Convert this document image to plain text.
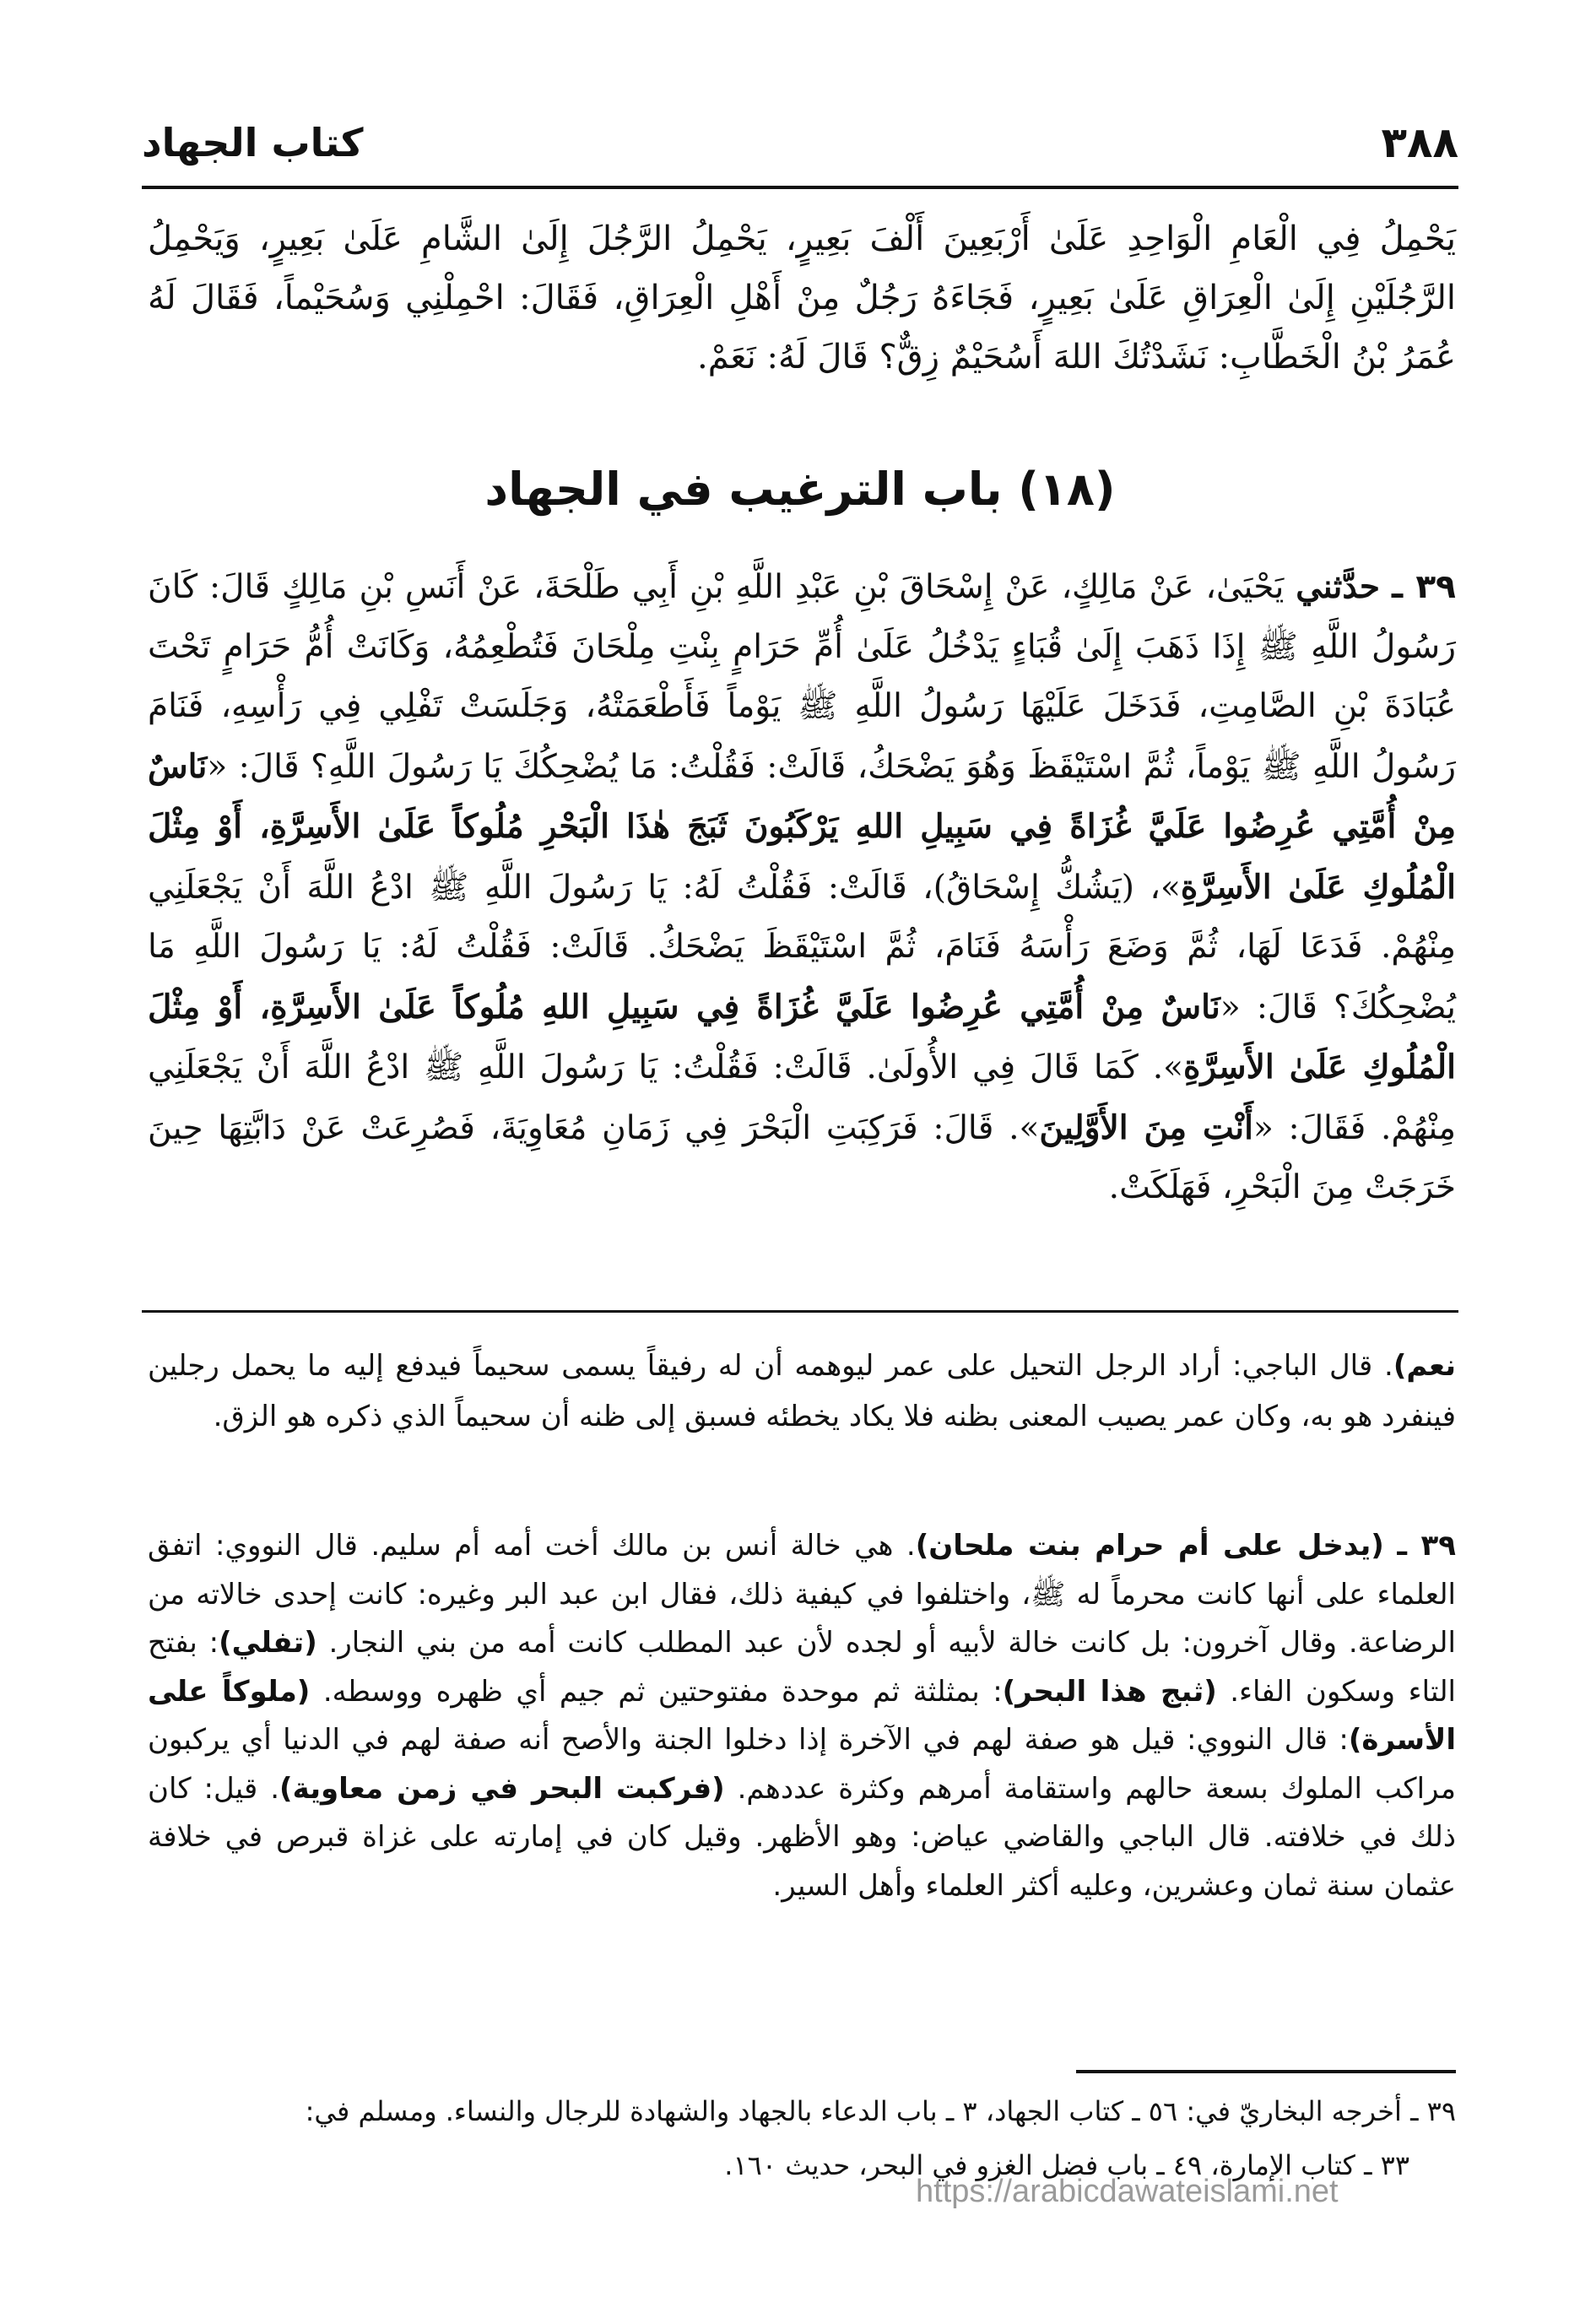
٣٨٨
كتاب الجهاد

يَحْمِلُ فِي الْعَامِ الْوَاحِدِ عَلَىٰ أَرْبَعِينَ أَلْفَ بَعِيرٍ، يَحْمِلُ الرَّجُلَ إِلَىٰ الشَّامِ عَلَىٰ بَعِيرٍ، وَيَحْمِلُ الرَّجُلَيْنِ إِلَىٰ الْعِرَاقِ عَلَىٰ بَعِيرٍ، فَجَاءَهُ رَجُلٌ مِنْ أَهْلِ الْعِرَاقِ، فَقَالَ: احْمِلْنِي وَسُحَيْماً، فَقَالَ لَهُ عُمَرُ بْنُ الْخَطَّابِ: نَشَدْتُكَ اللهَ أَسُحَيْمٌ زِقٌّ؟ قَالَ لَهُ: نَعَمْ.

(١٨) باب الترغيب في الجهاد

٣٩ ـ حدَّثني يَحْيَىٰ، عَنْ مَالِكٍ، عَنْ إِسْحَاقَ بْنِ عَبْدِ اللَّهِ بْنِ أَبِي طَلْحَةَ، عَنْ أَنَسِ بْنِ مَالِكٍ قَالَ: كَانَ رَسُولُ اللَّهِ ﷺ إِذَا ذَهَبَ إِلَىٰ قُبَاءٍ يَدْخُلُ عَلَىٰ أُمِّ حَرَامٍ بِنْتِ مِلْحَانَ فَتُطْعِمُهُ، وَكَانَتْ أُمُّ حَرَامٍ تَحْتَ عُبَادَةَ بْنِ الصَّامِتِ، فَدَخَلَ عَلَيْهَا رَسُولُ اللَّهِ ﷺ يَوْماً فَأَطْعَمَتْهُ، وَجَلَسَتْ تَفْلِي فِي رَأْسِهِ، فَنَامَ رَسُولُ اللَّهِ ﷺ يَوْماً، ثُمَّ اسْتَيْقَظَ وَهُوَ يَضْحَكُ، قَالَتْ: فَقُلْتُ: مَا يُضْحِكُكَ يَا رَسُولَ اللَّهِ؟ قَالَ: «نَاسٌ مِنْ أُمَّتِي عُرِضُوا عَلَيَّ غُزَاةً فِي سَبِيلِ اللهِ يَرْكَبُونَ ثَبَجَ هٰذَا الْبَحْرِ مُلُوكاً عَلَىٰ الأَسِرَّةِ، أَوْ مِثْلَ الْمُلُوكِ عَلَىٰ الأَسِرَّةِ»، (يَشُكُّ إِسْحَاقُ)، قَالَتْ: فَقُلْتُ لَهُ: يَا رَسُولَ اللَّهِ ﷺ ادْعُ اللَّهَ أَنْ يَجْعَلَنِي مِنْهُمْ. فَدَعَا لَهَا، ثُمَّ وَضَعَ رَأْسَهُ فَنَامَ، ثُمَّ اسْتَيْقَظَ يَضْحَكُ. قَالَتْ: فَقُلْتُ لَهُ: يَا رَسُولَ اللَّهِ مَا يُضْحِكُكَ؟ قَالَ: «نَاسٌ مِنْ أُمَّتِي عُرِضُوا عَلَيَّ غُزَاةً فِي سَبِيلِ اللهِ مُلُوكاً عَلَىٰ الأَسِرَّةِ، أَوْ مِثْلَ الْمُلُوكِ عَلَىٰ الأَسِرَّةِ». كَمَا قَالَ فِي الأُولَىٰ. قَالَتْ: فَقُلْتُ: يَا رَسُولَ اللَّهِ ﷺ ادْعُ اللَّهَ أَنْ يَجْعَلَنِي مِنْهُمْ. فَقَالَ: «أَنْتِ مِنَ الأَوَّلِينَ». قَالَ: فَرَكِبَتِ الْبَحْرَ فِي زَمَانِ مُعَاوِيَةَ، فَصُرِعَتْ عَنْ دَابَّتِهَا حِينَ خَرَجَتْ مِنَ الْبَحْرِ، فَهَلَكَتْ.

نعم). قال الباجي: أراد الرجل التحيل على عمر ليوهمه أن له رفيقاً يسمى سحيماً فيدفع إليه ما يحمل رجلين فينفرد هو به، وكان عمر يصيب المعنى بظنه فلا يكاد يخطئه فسبق إلى ظنه أن سحيماً الذي ذكره هو الزق.

٣٩ ـ (يدخل على أم حرام بنت ملحان). هي خالة أنس بن مالك أخت أمه أم سليم. قال النووي: اتفق العلماء على أنها كانت محرماً له ﷺ، واختلفوا في كيفية ذلك، فقال ابن عبد البر وغيره: كانت إحدى خالاته من الرضاعة. وقال آخرون: بل كانت خالة لأبيه أو لجده لأن عبد المطلب كانت أمه من بني النجار. (تفلي): بفتح التاء وسكون الفاء. (ثبج هذا البحر): بمثلثة ثم موحدة مفتوحتين ثم جيم أي ظهره ووسطه. (ملوكاً على الأسرة): قال النووي: قيل هو صفة لهم في الآخرة إذا دخلوا الجنة والأصح أنه صفة لهم في الدنيا أي يركبون مراكب الملوك بسعة حالهم واستقامة أمرهم وكثرة عددهم. (فركبت البحر في زمن معاوية). قيل: كان ذلك في خلافته. قال الباجي والقاضي عياض: وهو الأظهر. وقيل كان في إمارته على غزاة قبرص في خلافة عثمان سنة ثمان وعشرين، وعليه أكثر العلماء وأهل السير.

٣٩ ـ أخرجه البخاريّ في: ٥٦ ـ كتاب الجهاد، ٣ ـ باب الدعاء بالجهاد والشهادة للرجال والنساء. ومسلم في:

٣٣ ـ كتاب الإمارة، ٤٩ ـ باب فضل الغزو في البحر، حديث ١٦٠.

https://arabicdawateislami.net
